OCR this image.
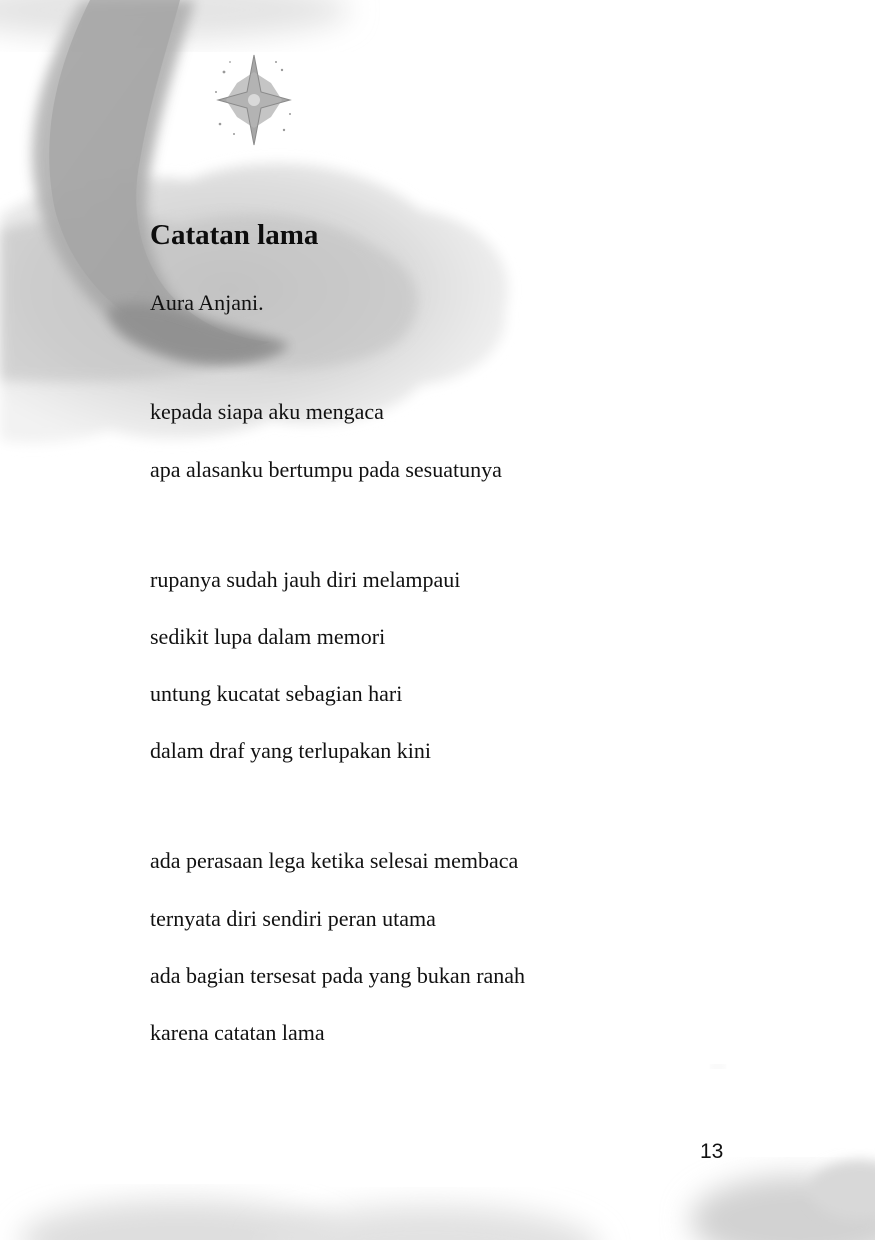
Catatan lama
Aura Anjani.
kepada siapa aku mengaca
apa alasanku bertumpu pada sesuatunya
rupanya sudah jauh diri melampaui
sedikit lupa dalam memori
untung kucatat sebagian hari
dalam draf yang terlupakan kini
ada perasaan lega ketika selesai membaca
ternyata diri sendiri peran utama
ada bagian tersesat pada yang bukan ranah
karena catatan lama
13
